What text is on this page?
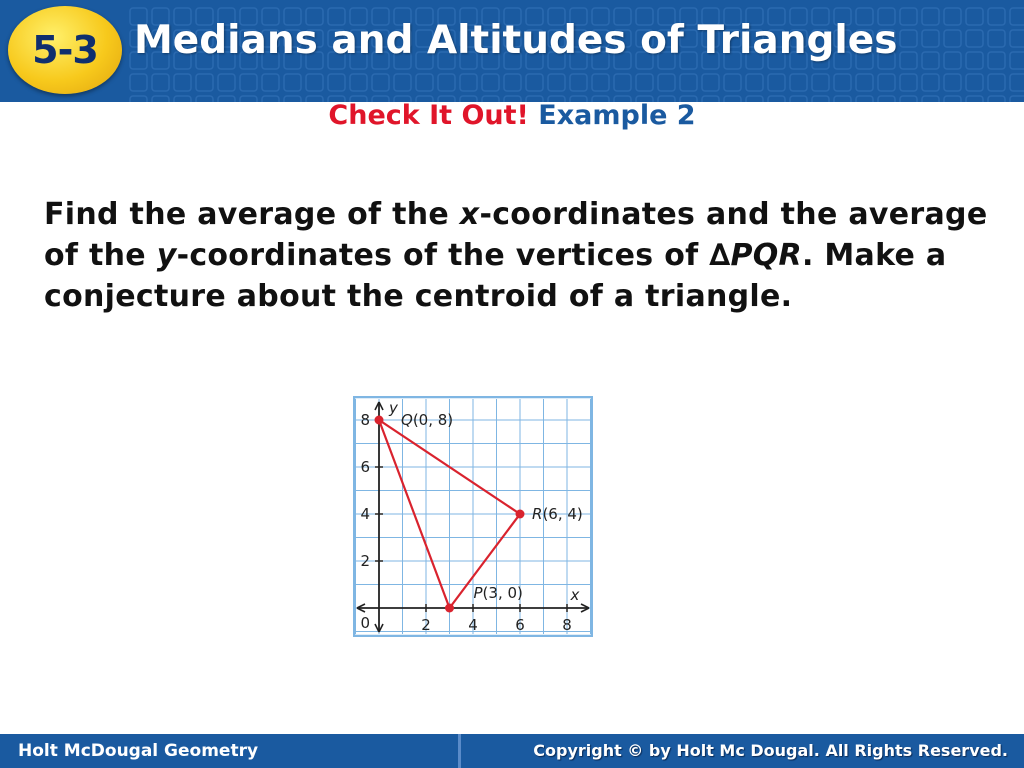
5-3 Medians and Altitudes of Triangles
Check It Out! Example 2
Find the average of the x-coordinates and the average of the y-coordinates of the vertices of ∆PQR. Make a conjecture about the centroid of a triangle.
2 4 6 8
2
4
6
8
0
x
y
Q(0, 8)
R(6, 4)
P(3, 0)
Holt McDougal Geometry	Copyright © by Holt Mc Dougal. All Rights Reserved.
